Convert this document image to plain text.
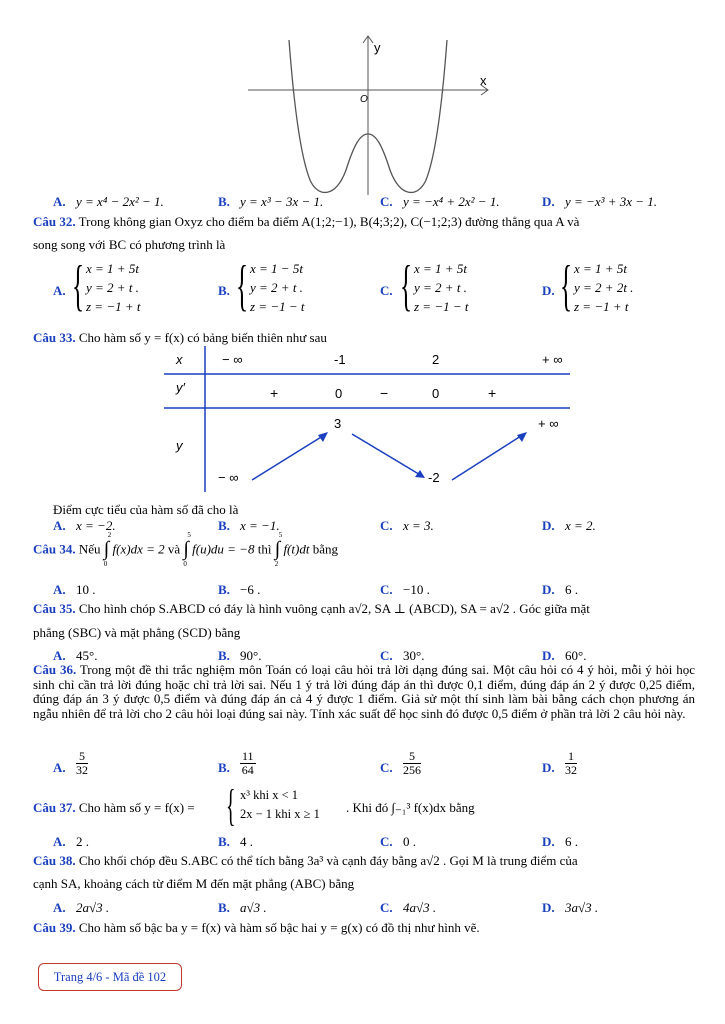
y
x
O
A. y = x⁴ − 2x² − 1.	B. y = x³ − 3x − 1.	C. y = −x⁴ + 2x² − 1.	D. y = −x³ + 3x − 1.
Câu 32. Trong không gian Oxyz cho điểm ba điểm A(1;2;−1), B(4;3;2), C(−1;2;3) đường thẳng qua A và
song song với BC có phương trình là
A. { x = 1 + 5t
y = 2 + t .
z = −1 + t
B. { x = 1 − 5t
y = 2 + t .
z = −1 − t
C. { x = 1 + 5t
y = 2 + t .
z = −1 − t
D. { x = 1 + 5t
y = 2 + 2t .
z = −1 + t
Câu 33. Cho hàm số y = f(x) có bảng biến thiên như sau
x	− ∞	-1	2	+ ∞
y′	+	0	−	0	+
y
3	+ ∞
− ∞	-2
Điểm cực tiểu của hàm số đã cho là
A. x = −2.	B. x = −1.	C. x = 3.	D. x = 2.
Câu 34. Nếu ∫
2
0
f(x)dx = 2 và ∫
5
0
f(u)du = −8 thì ∫
5
2
f(t)dt bằng
A. 10 .	B. −6 .	C. −10 .	D. 6 .
Câu 35. Cho hình chóp S.ABCD có đáy là hình vuông cạnh a√2, SA ⊥ (ABCD), SA = a√2 . Góc giữa mặt
phẳng (SBC) và mặt phẳng (SCD) bằng
A. 45°.	B. 90°.	C. 30°.	D. 60°.
Câu 36. Trong một đề thi trắc nghiệm môn Toán có loại câu hỏi trả lời dạng đúng sai. Một câu hỏi có 4 ý hỏi, mỗi ý hỏi học sinh chỉ cần trả lời đúng hoặc chỉ trả lời sai. Nếu 1 ý trả lời đúng đáp án thì được 0,1 điểm, đúng đáp án 2 ý được 0,25 điểm, đúng đáp án 3 ý được 0,5 điểm và đúng đáp án cả 4 ý được 1 điểm. Giả sử một thí sinh làm bài bằng cách chọn phương án ngẫu nhiên để trả lời cho 2 câu hỏi loại đúng sai này. Tính xác suất để học sinh đó được 0,5 điểm ở phần trả lời 2 câu hỏi này.
A. $\frac{5}{32}$	B. $\frac{11}{64}$	C. $\frac{5}{256}$	D. $\frac{1}{32}$
Câu 37. Cho hàm số y = f(x) = { x³ khi x < 1
2x − 1 khi x ≥ 1 . Khi đó ∫₋₁³ f(x)dx bằng
A. 2 .	B. 4 .	C. 0 .	D. 6 .
Câu 38. Cho khối chóp đều S.ABC có thể tích bằng 3a³ và cạnh đáy bằng a√2 . Gọi M là trung điểm của
cạnh SA, khoảng cách từ điểm M đến mặt phẳng (ABC) bằng
A. 2a√3 .	B. a√3 .	C. 4a√3 .	D. 3a√3 .
Câu 39. Cho hàm số bậc ba y = f(x) và hàm số bậc hai y = g(x) có đồ thị như hình vẽ.
Trang 4/6 - Mã đề 102
